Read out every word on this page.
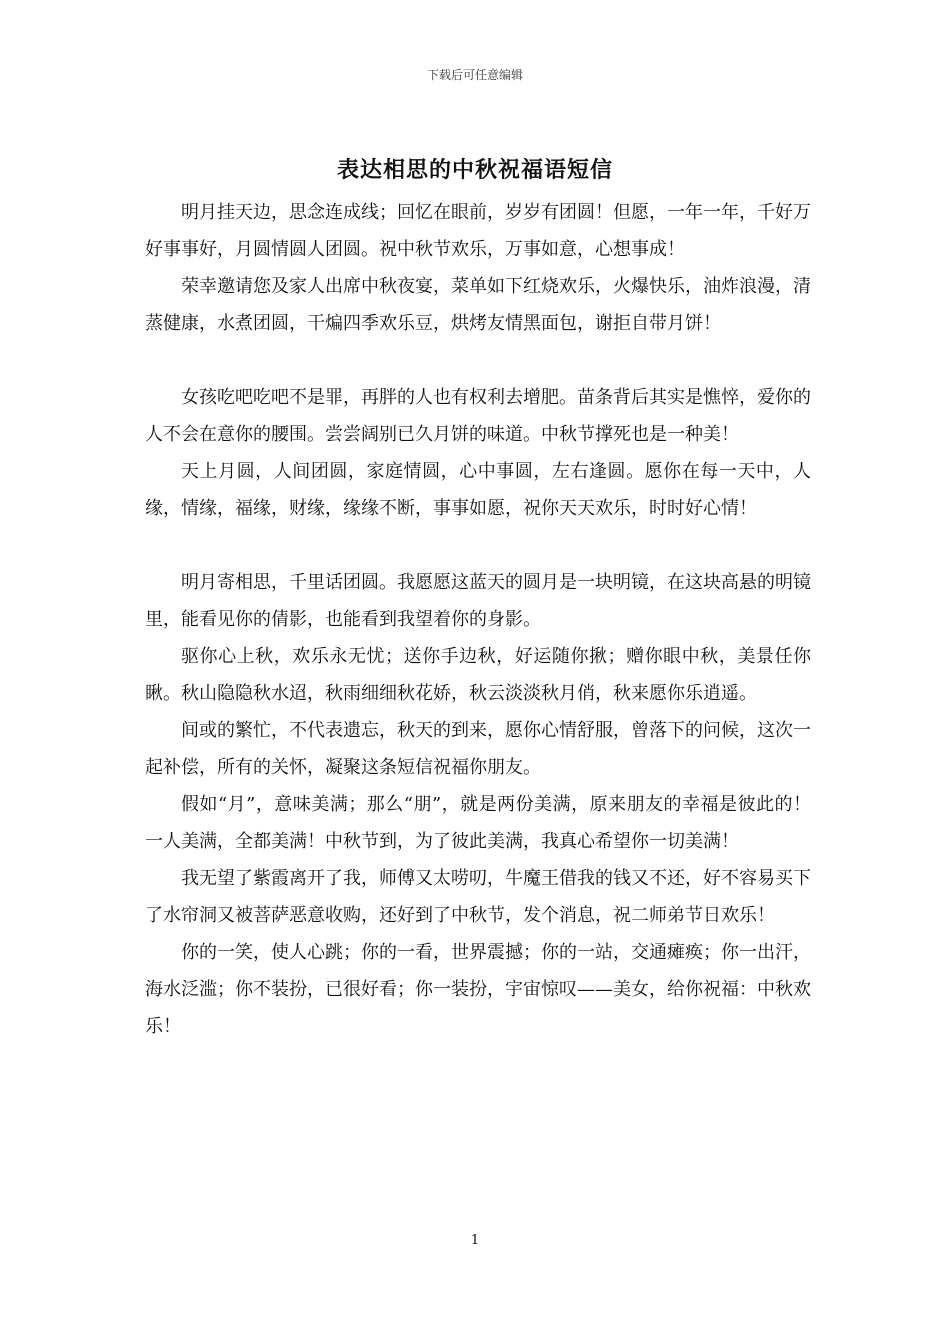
下载后可任意编辑
表达相思的中秋祝福语短信

明月挂天边，思念连成线；回忆在眼前，岁岁有团圆！但愿，一年一年，千好万好事事好，月圆情圆人团圆。祝中秋节欢乐，万事如意，心想事成！

荣幸邀请您及家人出席中秋夜宴，菜单如下红烧欢乐，火爆快乐，油炸浪漫，清蒸健康，水煮团圆，干煸四季欢乐豆，烘烤友情黑面包，谢拒自带月饼！

女孩吃吧吃吧不是罪，再胖的人也有权利去增肥。苗条背后其实是憔悴，爱你的人不会在意你的腰围。尝尝阔别已久月饼的味道。中秋节撑死也是一种美！

天上月圆，人间团圆，家庭情圆，心中事圆，左右逢圆。愿你在每一天中，人缘，情缘，福缘，财缘，缘缘不断，事事如愿，祝你天天欢乐，时时好心情！

明月寄相思，千里话团圆。我愿愿这蓝天的圆月是一块明镜，在这块高悬的明镜里，能看见你的倩影，也能看到我望着你的身影。

驱你心上秋，欢乐永无忧；送你手边秋，好运随你揪；赠你眼中秋，美景任你瞅。秋山隐隐秋水迢，秋雨细细秋花娇，秋云淡淡秋月俏，秋来愿你乐逍遥。

间或的繁忙，不代表遗忘，秋天的到来，愿你心情舒服，曾落下的问候，这次一起补偿，所有的关怀，凝聚这条短信祝福你朋友。

假如“月”，意味美满；那么“朋”，就是两份美满，原来朋友的幸福是彼此的！一人美满，全都美满！中秋节到，为了彼此美满，我真心希望你一切美满！

我无望了紫霞离开了我，师傅又太唠叨，牛魔王借我的钱又不还，好不容易买下了水帘洞又被菩萨恶意收购，还好到了中秋节，发个消息，祝二师弟节日欢乐！

你的一笑，使人心跳；你的一看，世界震撼；你的一站，交通瘫痪；你一出汗，海水泛滥；你不装扮，已很好看；你一装扮，宇宙惊叹——美女，给你祝福：中秋欢乐！

1
